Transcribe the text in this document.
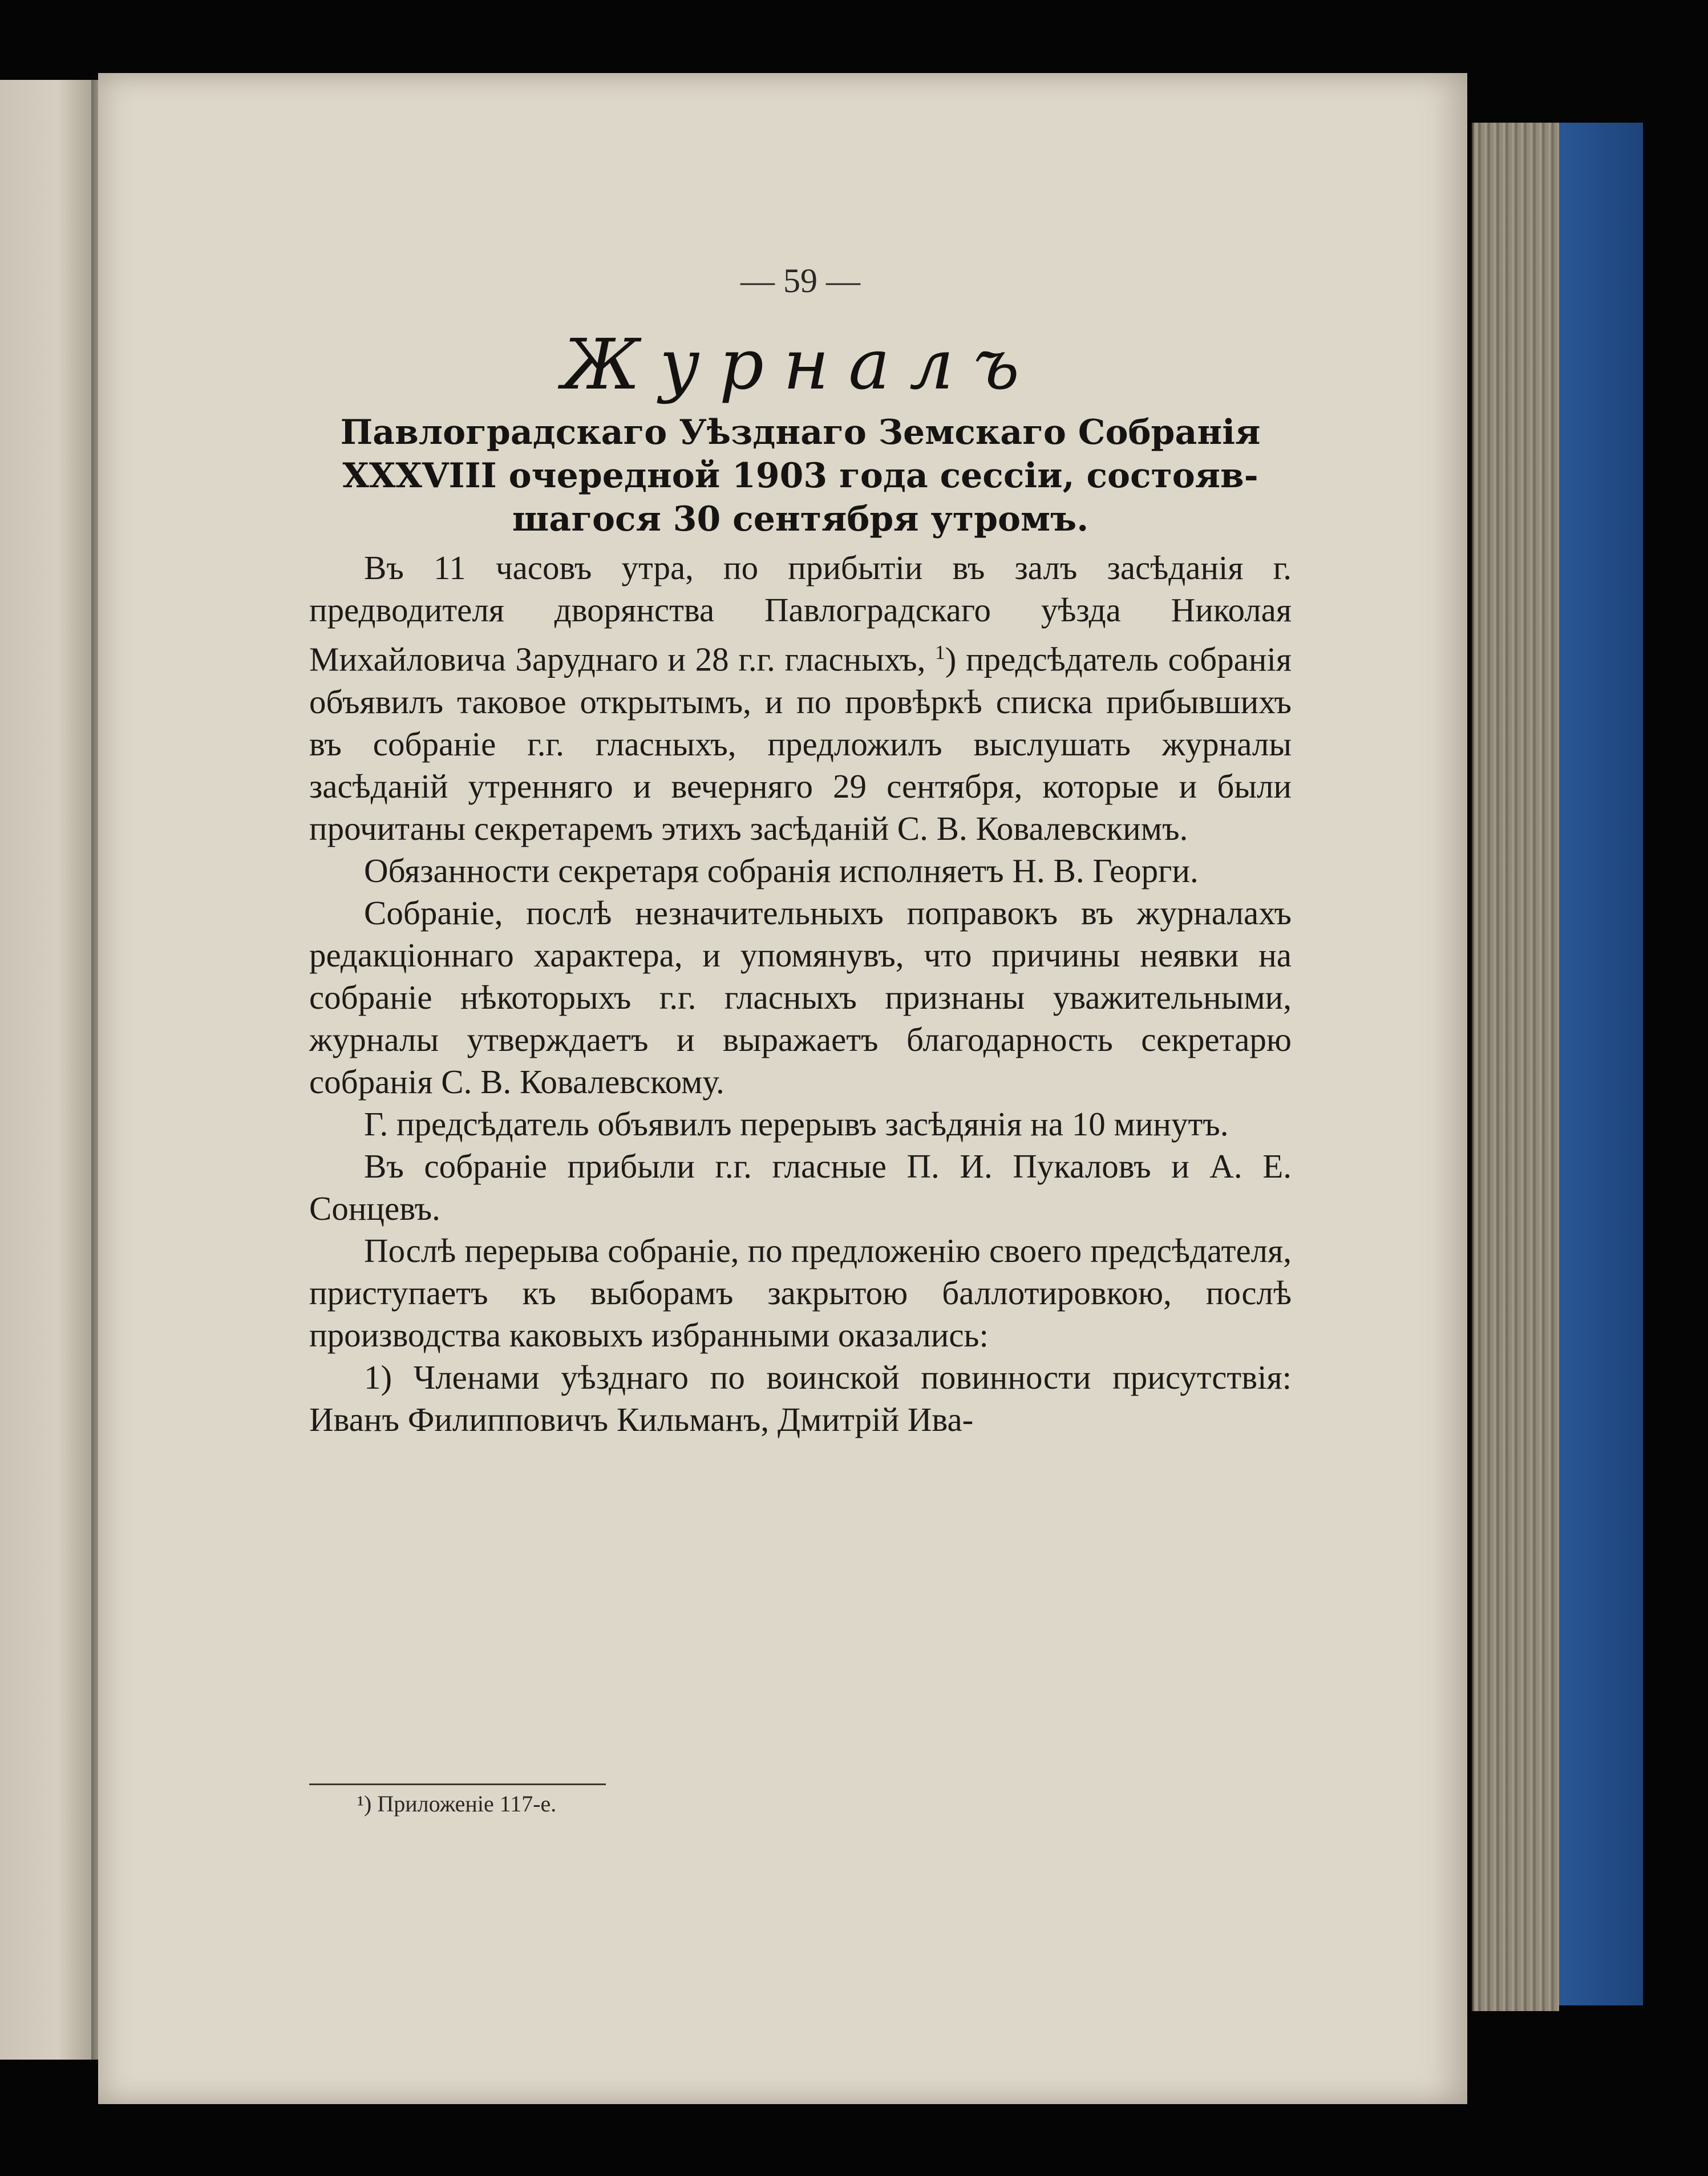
— 59 —
Журналъ
Павлоградскаго Уѣзднаго Земскаго Собранія
XXXVIII очередной 1903 года сессіи, состояв-
шагося 30 сентября утромъ.

Въ 11 часовъ утра, по прибытіи въ залъ засѣданія г. предводителя дворянства Павлоградскаго уѣзда Николая Михайловича Заруднаго и 28 г.г. гласныхъ, $^1$) предсѣдатель собранія объявилъ таковое открытымъ, и по провѣркѣ списка прибывшихъ въ собраніе г.г. гласныхъ, предложилъ выслушать журналы засѣданій утренняго и вечерняго 29 сентября, которые и были прочитаны секретаремъ этихъ засѣданій С. В. Ковалевскимъ.

Обязанности секретаря собранія исполняетъ Н. В. Георги.

Собраніе, послѣ незначительныхъ поправокъ въ журналахъ редакціоннаго характера, и упомянувъ, что причины неявки на собраніе нѣкоторыхъ г.г. гласныхъ признаны уважительными, журналы утверждаетъ и выражаетъ благодарность секретарю собранія С. В. Ковалевскому.

Г. предсѣдатель объявилъ перерывъ засѣдянія на 10 минутъ.

Въ собраніе прибыли г.г. гласные П. И. Пукаловъ и А. Е. Сонцевъ.

Послѣ перерыва собраніе, по предложенію своего предсѣдателя, приступаетъ къ выборамъ закрытою баллотировкою, послѣ производства каковыхъ избранными оказались:

1) Членами уѣзднаго по воинской повинности присутствія: Иванъ Филипповичъ Кильманъ, Дмитрій Ива-

¹) Приложеніе 117-е.
